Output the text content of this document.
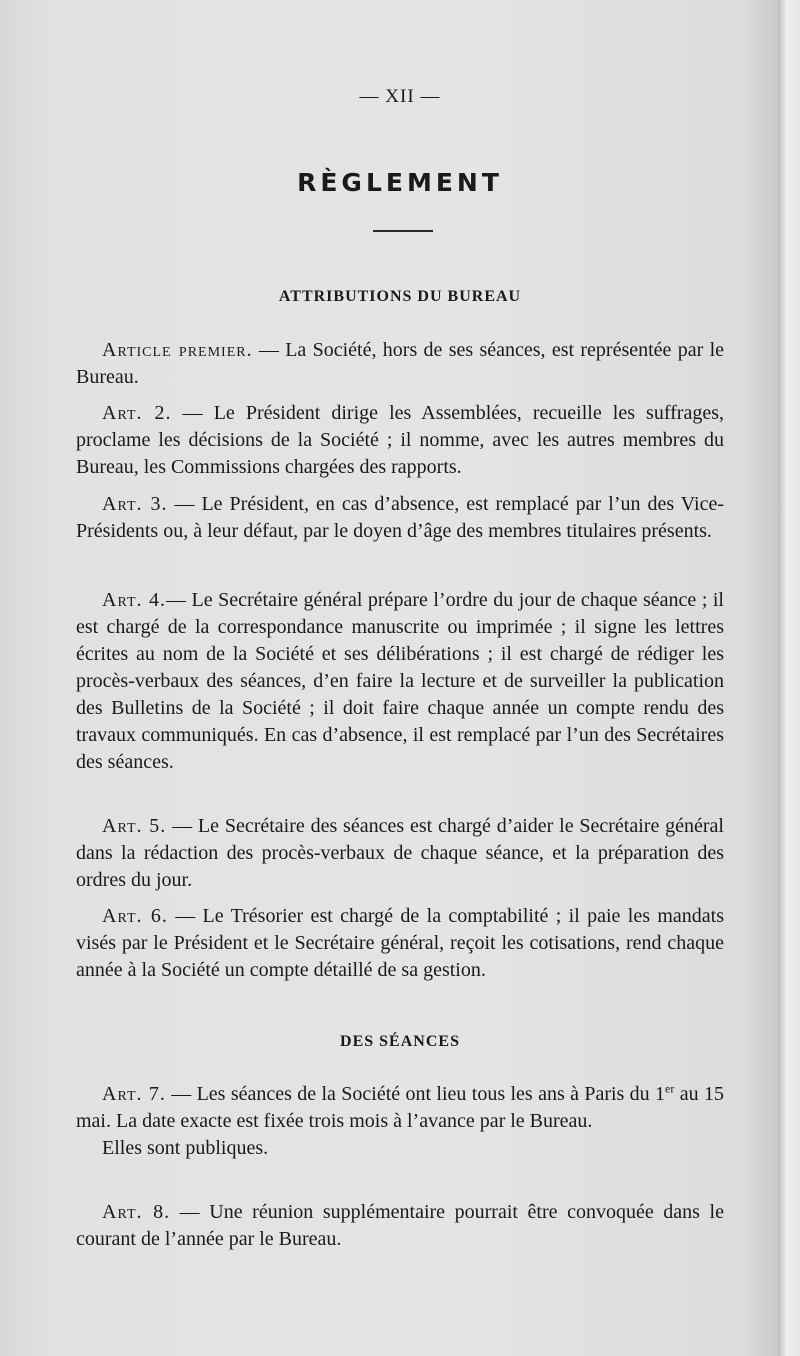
— XII —
RÈGLEMENT
ATTRIBUTIONS DU BUREAU

Article premier. — La Société, hors de ses séances, est représentée par le Bureau.

Art. 2. — Le Président dirige les Assemblées, recueille les suffrages, proclame les décisions de la Société ; il nomme, avec les autres membres du Bureau, les Commissions chargées des rapports.

Art. 3. — Le Président, en cas d’absence, est remplacé par l’un des Vice-Présidents ou, à leur défaut, par le doyen d’âge des membres titulaires présents.

Art. 4.— Le Secrétaire général prépare l’ordre du jour de chaque séance ; il est chargé de la correspondance manuscrite ou imprimée ; il signe les lettres écrites au nom de la Société et ses délibérations ; il est chargé de rédiger les procès-verbaux des séances, d’en faire la lecture et de surveiller la publication des Bulletins de la Société ; il doit faire chaque année un compte rendu des travaux communiqués. En cas d’absence, il est remplacé par l’un des Secrétaires des séances.

Art. 5. — Le Secrétaire des séances est chargé d’aider le Secrétaire général dans la rédaction des procès-verbaux de chaque séance, et la préparation des ordres du jour.

Art. 6. — Le Trésorier est chargé de la comptabilité ; il paie les mandats visés par le Président et le Secrétaire général, reçoit les cotisations, rend chaque année à la Société un compte détaillé de sa gestion.

DES SÉANCES

Art. 7. — Les séances de la Société ont lieu tous les ans à Paris du 1er au 15 mai. La date exacte est fixée trois mois à l’avance par le Bureau.

Elles sont publiques.

Art. 8. — Une réunion supplémentaire pourrait être convoquée dans le courant de l’année par le Bureau.
